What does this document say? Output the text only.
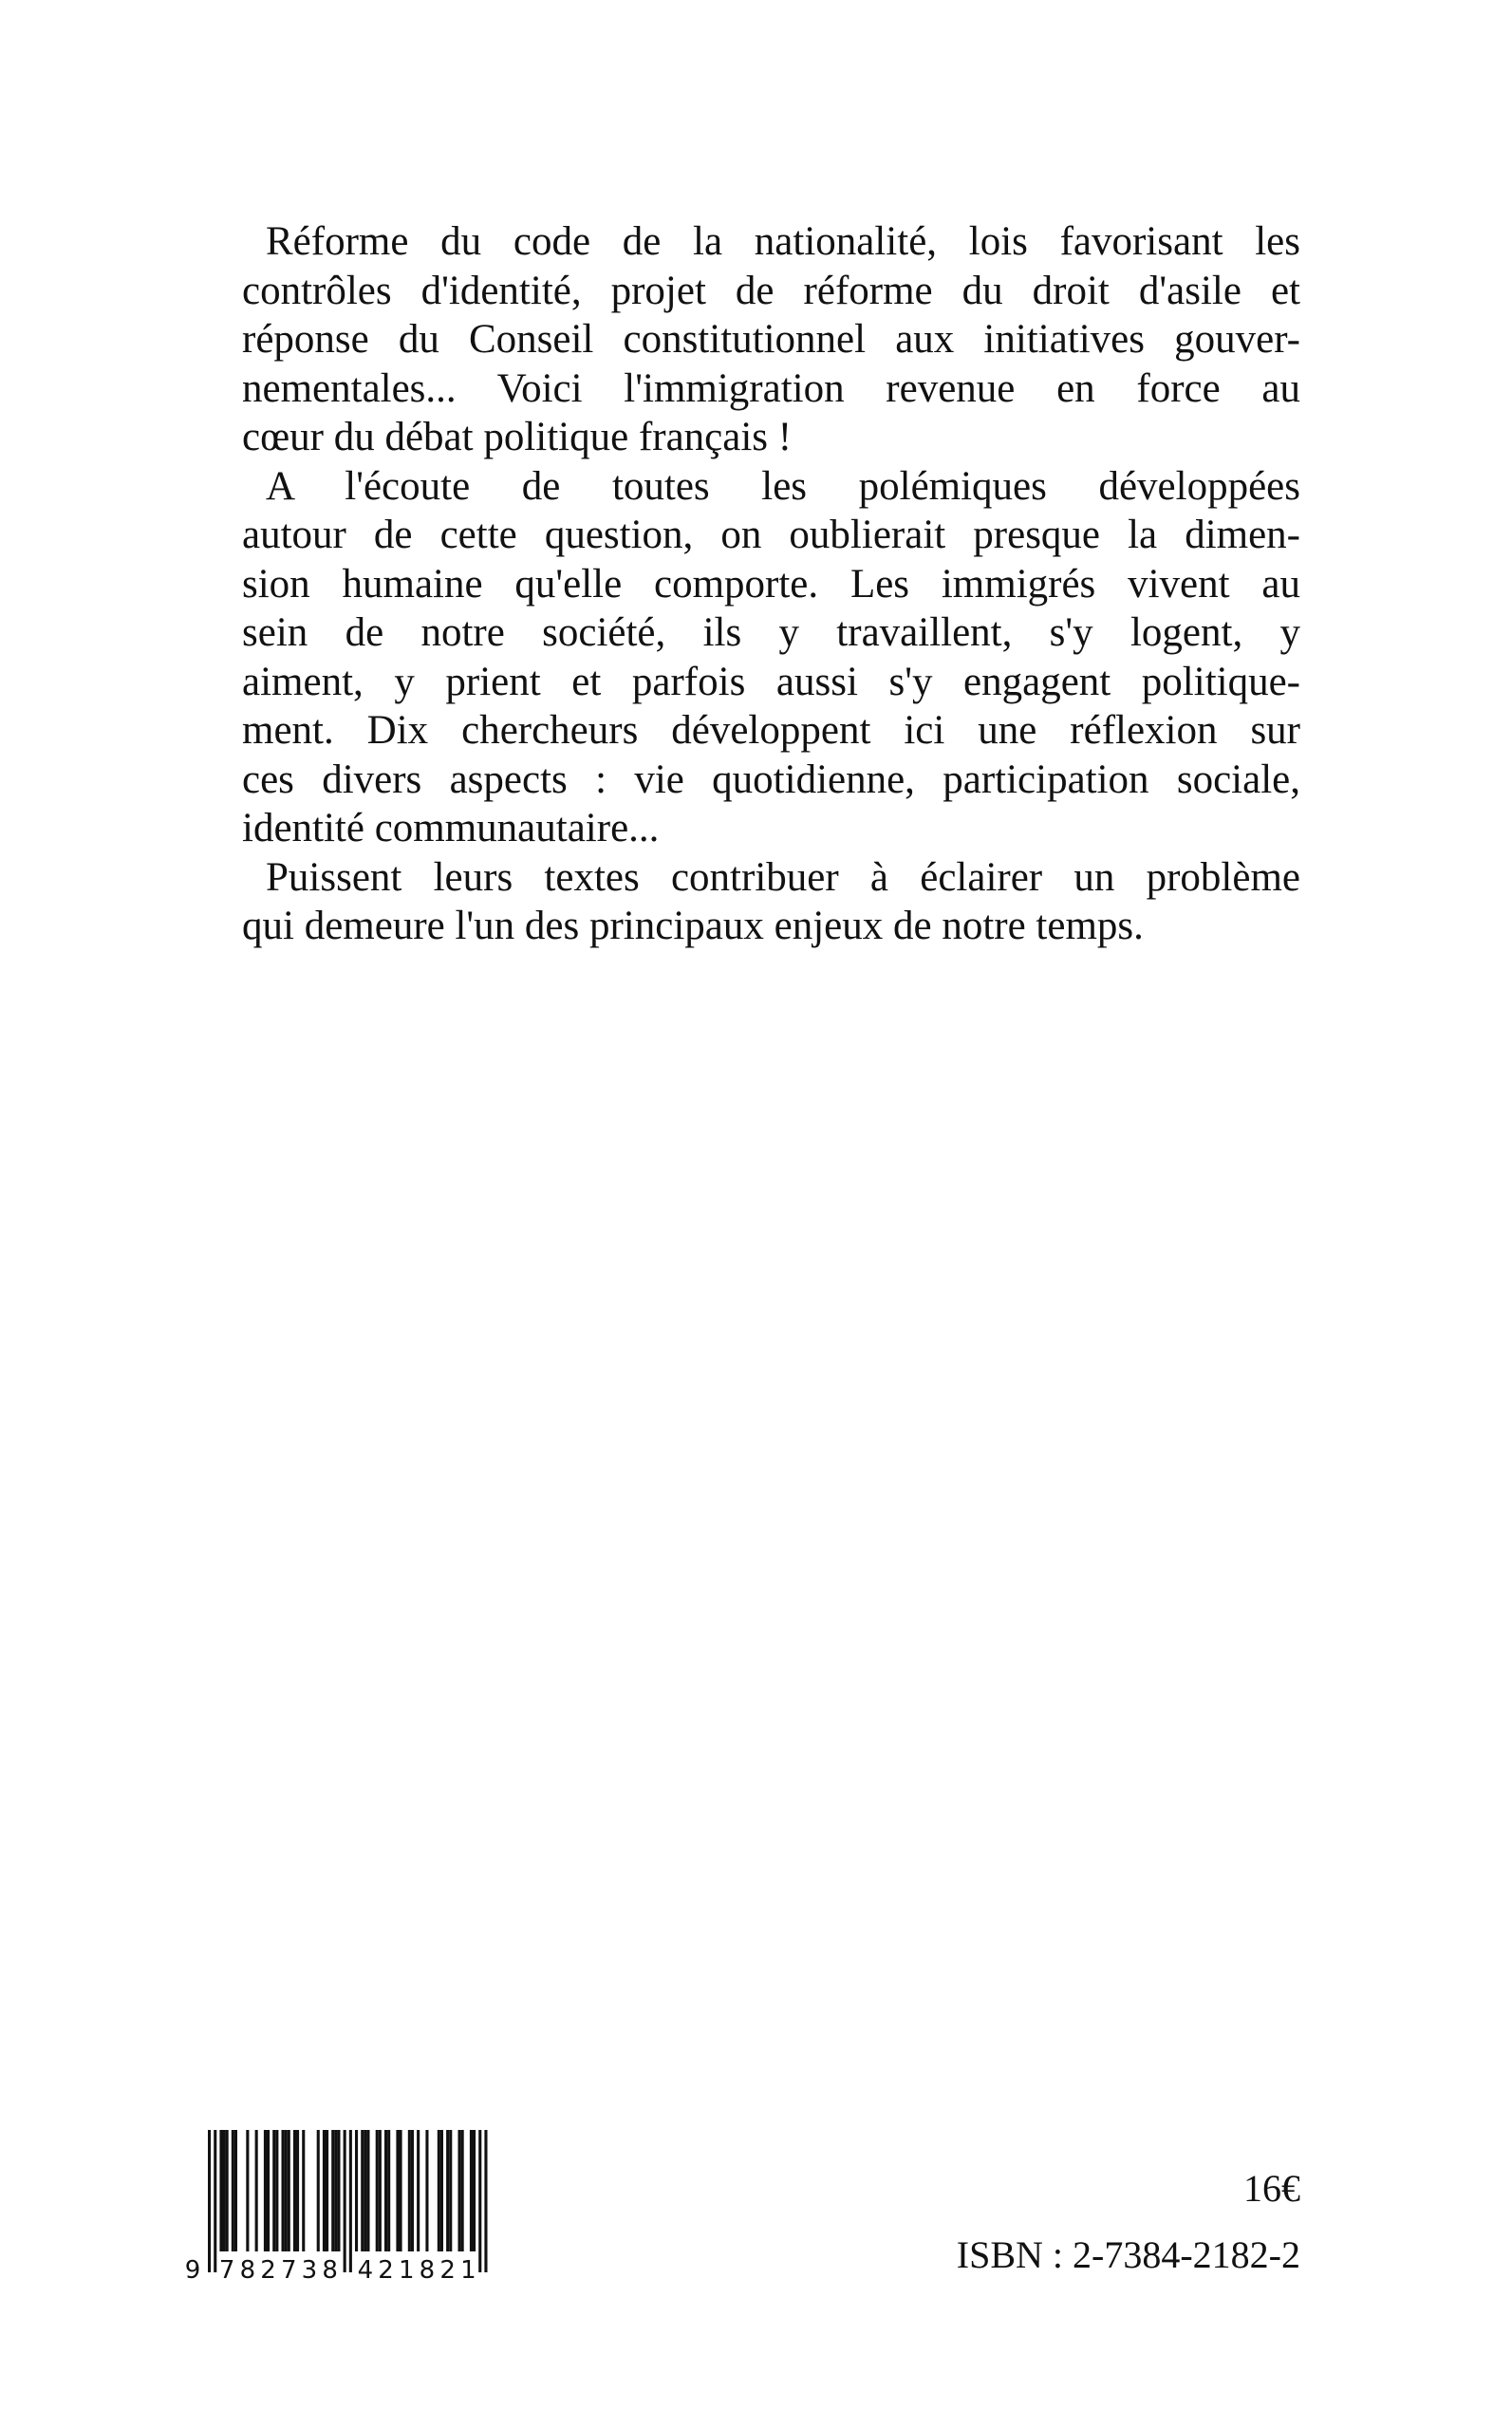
Réforme du code de la nationalité, lois favorisant les
contrôles d'identité, projet de réforme du droit d'asile et
réponse du Conseil constitutionnel aux initiatives gouver-
nementales... Voici l'immigration revenue en force au
cœur du débat politique français !
A l'écoute de toutes les polémiques développées
autour de cette question, on oublierait presque la dimen-
sion humaine qu'elle comporte. Les immigrés vivent au
sein de notre société, ils y travaillent, s'y logent, y
aiment, y prient et parfois aussi s'y engagent politique-
ment. Dix chercheurs développent ici une réflexion sur
ces divers aspects : vie quotidienne, participation sociale,
identité communautaire...
Puissent leurs textes contribuer à éclairer un problème
qui demeure l'un des principaux enjeux de notre temps.
9 7 8 2 7 3 8 4 2 1 8 2 1
16€
ISBN : 2-7384-2182-2
